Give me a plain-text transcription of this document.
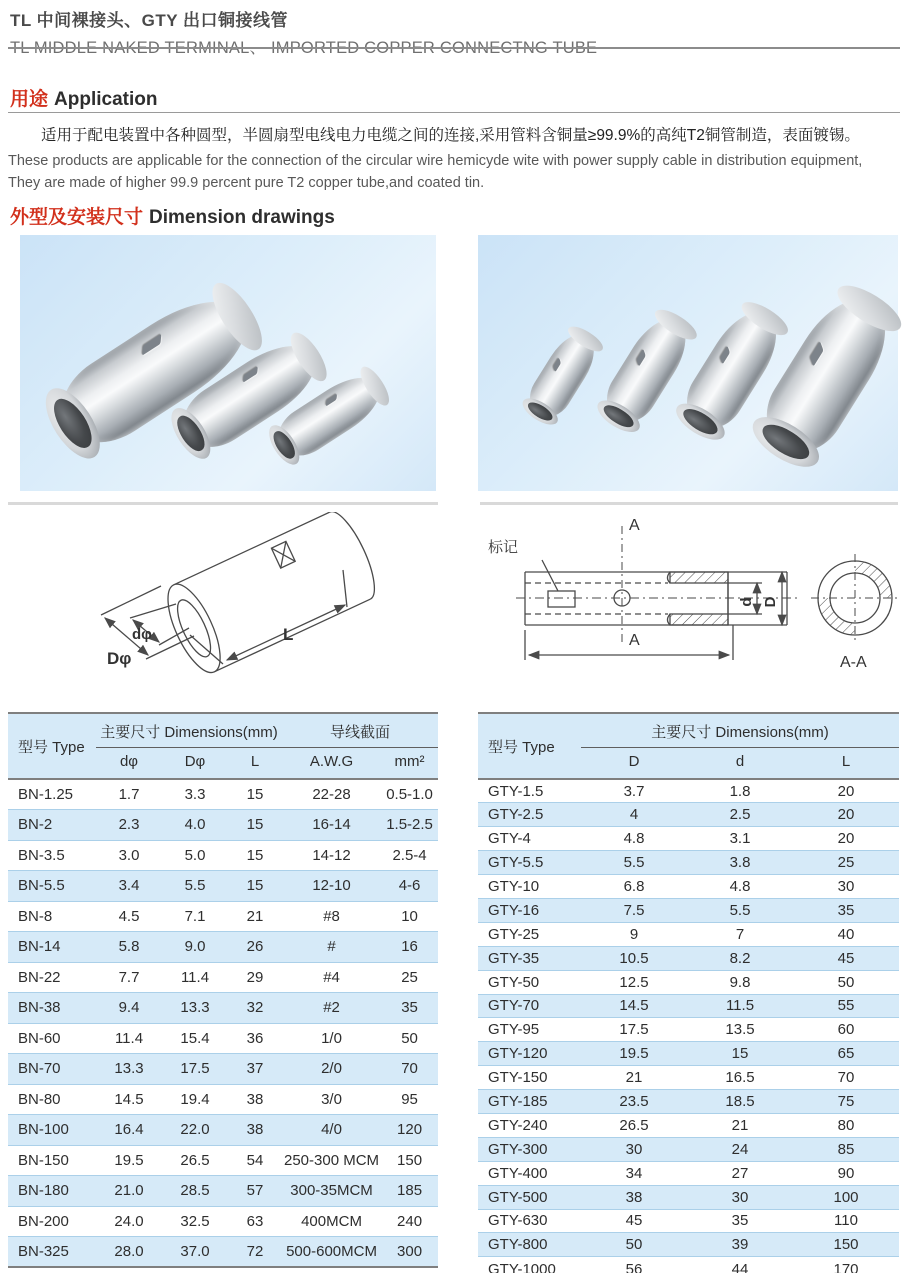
TL 中间裸接头、GTY 出口铜接线管
TL MIDDLE NAKED TERMINAL、 IMPORTED COPPER CONNECTNG TUBE
用途 Application
适用于配电装置中各种圆型，半圆扇型电线电力电缆之间的连接,采用管料含铜量≥99.9%的高纯T2铜管制造，表面镀锡。
These products are applicable for the connection of the circular wire hemicyde wite with power supply cable in distribution equipment, They are made of higher 99.9 percent pure T2 copper tube,and coated tin.
外型及安装尺寸 Dimension drawings
L
dφ
Dφ
标记
A
A
d D
A-A
型号 Type	主要尺寸 Dimensions(mm)			导线截面	
	dφ	Dφ	L	A.W.G	mm²
BN-1.25	1.7	3.3	15	22-28	0.5-1.0
BN-2	2.3	4.0	15	16-14	1.5-2.5
BN-3.5	3.0	5.0	15	14-12	2.5-4
BN-5.5	3.4	5.5	15	12-10	4-6
BN-8	4.5	7.1	21	#8	10
BN-14	5.8	9.0	26	#	16
BN-22	7.7	11.4	29	#4	25
BN-38	9.4	13.3	32	#2	35
BN-60	11.4	15.4	36	1/0	50
BN-70	13.3	17.5	37	2/0	70
BN-80	14.5	19.4	38	3/0	95
BN-100	16.4	22.0	38	4/0	120
BN-150	19.5	26.5	54	250-300 MCM	150
BN-180	21.0	28.5	57	300-35MCM	185
BN-200	24.0	32.5	63	400MCM	240
BN-325	28.0	37.0	72	500-600MCM	300
型号 Type	主要尺寸 Dimensions(mm)		
	D	d	L
GTY-1.5	3.7	1.8	20
GTY-2.5	4	2.5	20
GTY-4	4.8	3.1	20
GTY-5.5	5.5	3.8	25
GTY-10	6.8	4.8	30
GTY-16	7.5	5.5	35
GTY-25	9	7	40
GTY-35	10.5	8.2	45
GTY-50	12.5	9.8	50
GTY-70	14.5	11.5	55
GTY-95	17.5	13.5	60
GTY-120	19.5	15	65
GTY-150	21	16.5	70
GTY-185	23.5	18.5	75
GTY-240	26.5	21	80
GTY-300	30	24	85
GTY-400	34	27	90
GTY-500	38	30	100
GTY-630	45	35	110
GTY-800	50	39	150
GTY-1000	56	44	170
